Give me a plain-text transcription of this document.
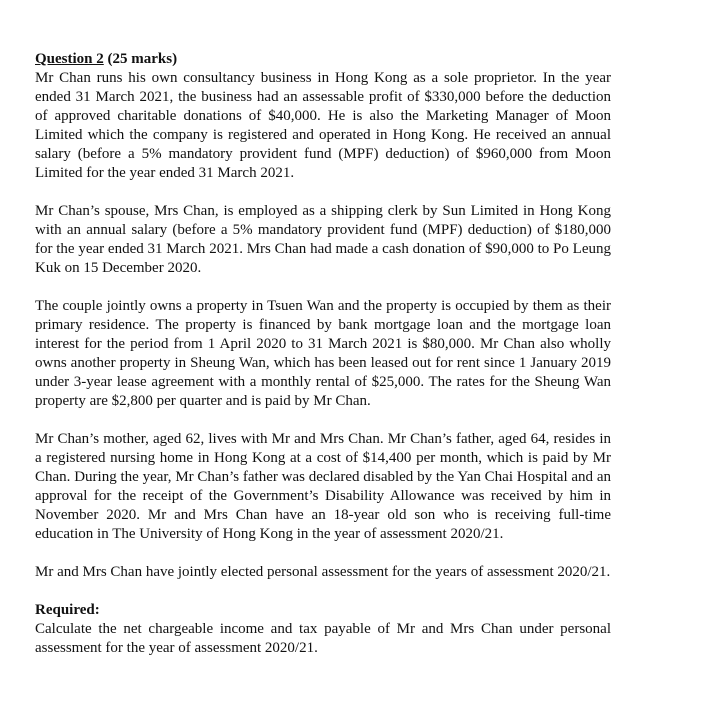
Question 2 (25 marks)

Mr Chan runs his own consultancy business in Hong Kong as a sole proprietor. In the year ended 31 March 2021, the business had an assessable profit of $330,000 before the deduction of approved charitable donations of $40,000. He is also the Marketing Manager of Moon Limited which the company is registered and operated in Hong Kong. He received an annual salary (before a 5% mandatory provident fund (MPF) deduction) of $960,000 from Moon Limited for the year ended 31 March 2021.

Mr Chan’s spouse, Mrs Chan, is employed as a shipping clerk by Sun Limited in Hong Kong with an annual salary (before a 5% mandatory provident fund (MPF) deduction) of $180,000 for the year ended 31 March 2021. Mrs Chan had made a cash donation of $90,000 to Po Leung Kuk on 15 December 2020.

The couple jointly owns a property in Tsuen Wan and the property is occupied by them as their primary residence. The property is financed by bank mortgage loan and the mortgage loan interest for the period from 1 April 2020 to 31 March 2021 is $80,000. Mr Chan also wholly owns another property in Sheung Wan, which has been leased out for rent since 1 January 2019 under 3-year lease agreement with a monthly rental of $25,000. The rates for the Sheung Wan property are $2,800 per quarter and is paid by Mr Chan.

Mr Chan’s mother, aged 62, lives with Mr and Mrs Chan. Mr Chan’s father, aged 64, resides in a registered nursing home in Hong Kong at a cost of $14,400 per month, which is paid by Mr Chan. During the year, Mr Chan’s father was declared disabled by the Yan Chai Hospital and an approval for the receipt of the Government’s Disability Allowance was received by him in November 2020. Mr and Mrs Chan have an 18-year old son who is receiving full-time education in The University of Hong Kong in the year of assessment 2020/21.

Mr and Mrs Chan have jointly elected personal assessment for the years of assessment 2020/21.

Required:

Calculate the net chargeable income and tax payable of Mr and Mrs Chan under personal assessment for the year of assessment 2020/21.
